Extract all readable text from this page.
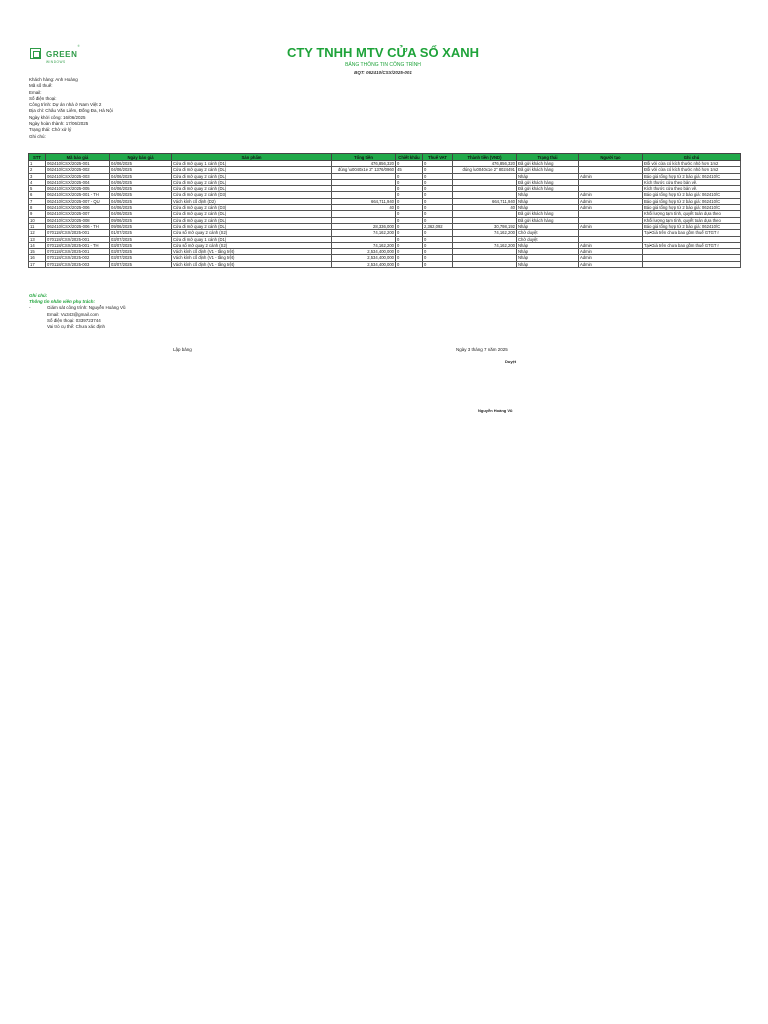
GREEN®
WINDOWS
CTY TNHH MTV CỬA SỔ XANH
BẢNG THÔNG TIN CÔNG TRÌNH
BQT: 062410/CSX/2025-001
Khách hàng: Anh Hoàng
Mã số thuế:
Email:
Số điện thoại:
Công trình: Dự án nhà ở Nam Việt 2
Địa chỉ: Châu Văn Liêm, Đống Đa, Hà Nội
Ngày khởi công: 16/06/2025
Ngày hoàn thành: 17/06/2025
Trạng thái: Chờ xử lý
Ghi chú:
STT	Mã báo giá	Ngày báo giá	Sản phẩm	Tổng tiền	Chiết khấu	Thuế VAT	Thành tiền (VND)	Trạng thái	Người tạo	Ghi chú
1	062410/CSX/2025-001	04/06/2025	Cửa đi mở quay 1 cánh (D1)	476,856,320	0	0	476,856,320	Đã gửi khách hàng		Đối với cửa có kích thước nhỏ hơn 1m2
2	062410/CSX/2025-002	04/06/2025	Cửa đi mở quay 2 cánh (DL)	đúng \u0040x1e 2" 1376/0960	45	0	đúng \u0040x1e 2" 8024491	Đã gửi khách hàng		Đối với cửa có kích thước nhỏ hơn 1m2
3	062410/CSX/2025-003	04/06/2025	Cửa đi mở quay 2 cánh (DL)		0	0		Nháp	Admin	Báo giá tổng hợp từ 2 báo giá: 062410/C
4	062410/CSX/2025-004	04/06/2025	Cửa đi mở quay 2 cánh (DL)		0	0		Đã gửi khách hàng		Kích thước cửa theo bản vẽ.
5	062410/CSX/2025-005	04/06/2025	Cửa đi mở quay 2 cánh (DL)		0	0		Đã gửi khách hàng		Kích thước cửa theo bản vẽ.
6	062410/CSX/2025-001 - TH	04/06/2025	Cửa đi mở quay 2 cánh (D3)		0	0		Nháp	Admin	Báo giá tổng hợp từ 2 báo giá: 062410/C
7	062410/CSX/2025-007 - QU	04/06/2025	Vách kính cố định (D2)	664,711,940	0	0	664,711,940	Nháp	Admin	Báo giá tổng hợp từ 2 báo giá: 062410/C
8	062410/CSX/2025-006	04/06/2025	Cửa đi mở quay 2 cánh (D3)	40	0	0	40	Nháp	Admin	Báo giá tổng hợp từ 2 báo giá: 062410/C
9	062410/CSX/2025-007	04/06/2025	Cửa đi mở quay 2 cánh (DL)		0	0		Đã gửi khách hàng		Khối lượng tạm tính, quyết toán dựa theo
10	062410/CSX/2025-008	09/06/2025	Cửa đi mở quay 2 cánh (DL)		0	0		Đã gửi khách hàng		Khối lượng tạm tính, quyết toán dựa theo
11	062410/CSX/2025-006 - TH	09/06/2025	Cửa đi mở quay 2 cánh (DL)	28,336,000	0	2,362,092	30,798,192	Nháp	Admin	Báo giá tổng hợp từ 2 báo giá: 062410/C
12	070118/CSX/2025-001	01/07/2025	Cửa sổ mở quay 2 cánh (S2)	74,162,200	0	0	74,162,200	Chờ duyệt		Tại•Giá trên chưa bao gồm thuế GTGT r
13	070118/CSX/2025-001	03/07/2025	Cửa đi mở quay 1 cánh (D1)		0	0		Chờ duyệt		
14	070118/CSX/2025-001 - TH	03/07/2025	Cửa sổ mở quay 2 cánh (S2)	74,162,200	0	0	74,162,200	Nháp	Admin	Tại•Giá trên chưa bao gồm thuế GTGT r
15	070118/CSX/2025-001	03/07/2025	Vách kính cố định (V1 - tầng trệt)	2,534,400,000	0	0		Nháp	Admin	
16	070118/CSX/2025-002	03/07/2025	Vách kính cố định (V1 - tầng trệt)	2,534,400,000	0	0		Nháp	Admin	
17	070118/CSX/2025-003	03/07/2025	Vách kính cố định (V1 - tầng trệt)	2,534,400,000	0	0		Nháp	Admin	
Ghi chú:
Thông tin nhân viên phụ trách:
-	Giám sát công trình: Nguyễn Hoàng Vũ
Email: Vu343@gmail.com
Số điện thoại: 0339723744
Vai trò cụ thể: Chưa xác định
Lập bảng	Ngày 3 tháng 7 năm 2025
Duyệt
Nguyễn Hoàng Vũ
